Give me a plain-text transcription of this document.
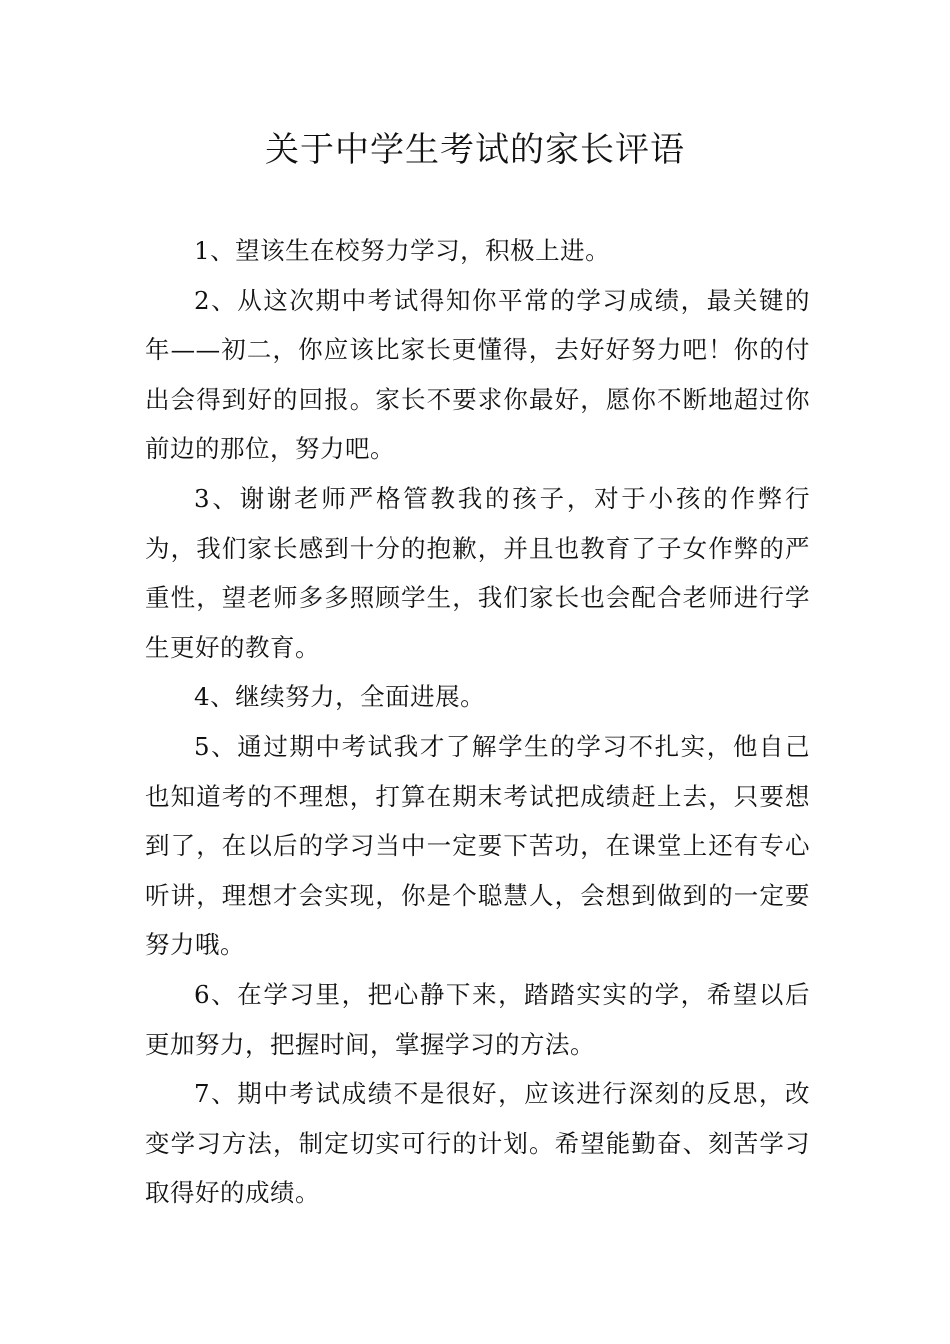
关于中学生考试的家长评语

1、望该生在校努力学习，积极上进。

2、从这次期中考试得知你平常的学习成绩，最关键的年——初二，你应该比家长更懂得，去好好努力吧！你的付出会得到好的回报。家长不要求你最好，愿你不断地超过你前边的那位，努力吧。

3、谢谢老师严格管教我的孩子，对于小孩的作弊行为，我们家长感到十分的抱歉，并且也教育了子女作弊的严重性，望老师多多照顾学生，我们家长也会配合老师进行学生更好的教育。

4、继续努力，全面进展。

5、通过期中考试我才了解学生的学习不扎实，他自己也知道考的不理想，打算在期末考试把成绩赶上去，只要想到了，在以后的学习当中一定要下苦功，在课堂上还有专心听讲，理想才会实现，你是个聪慧人，会想到做到的一定要努力哦。

6、在学习里，把心静下来，踏踏实实的学，希望以后更加努力，把握时间，掌握学习的方法。

7、期中考试成绩不是很好，应该进行深刻的反思，改变学习方法，制定切实可行的计划。希望能勤奋、刻苦学习取得好的成绩。
